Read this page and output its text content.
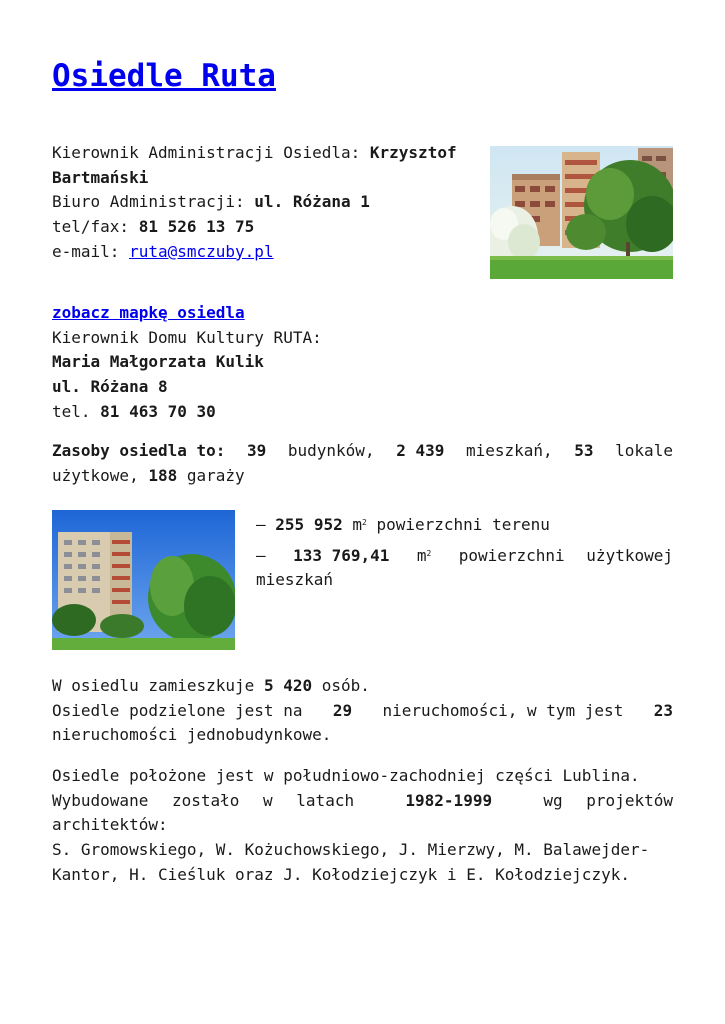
Osiedle Ruta
Kierownik Administracji Osiedla: Krzysztof
Bartmański
Biuro Administracji: ul. Różana 1
tel/fax: 81 526 13 75
e-mail: ruta@smczuby.pl
zobacz mapkę osiedla
Kierownik Domu Kultury RUTA:
Maria Małgorzata Kulik
ul. Różana 8
tel. 81 463 70 30
Zasoby osiedla to: 39 budynków, 2 439 mieszkań, 53 lokale
użytkowe, 188 garaży
– 255 952 $m^2$ powierzchni terenu
– 133 769,41 $m^2$ powierzchni użytkowej
mieszkań
W osiedlu zamieszkuje 5 420 osób.
Osiedle podzielone jest na 29 nieruchomości, w tym jest 23
nieruchomości jednobudynkowe.
Osiedle położone jest w południowo-zachodniej części Lublina.
Wybudowane zostało w latach	1982-1999	wg projektów
architektów:
S. Gromowskiego, W. Kożuchowskiego, J. Mierzwy, M. Balawejder-
Kantor, H. Cieśluk oraz J. Kołodziejczyk i E. Kołodziejczyk.
